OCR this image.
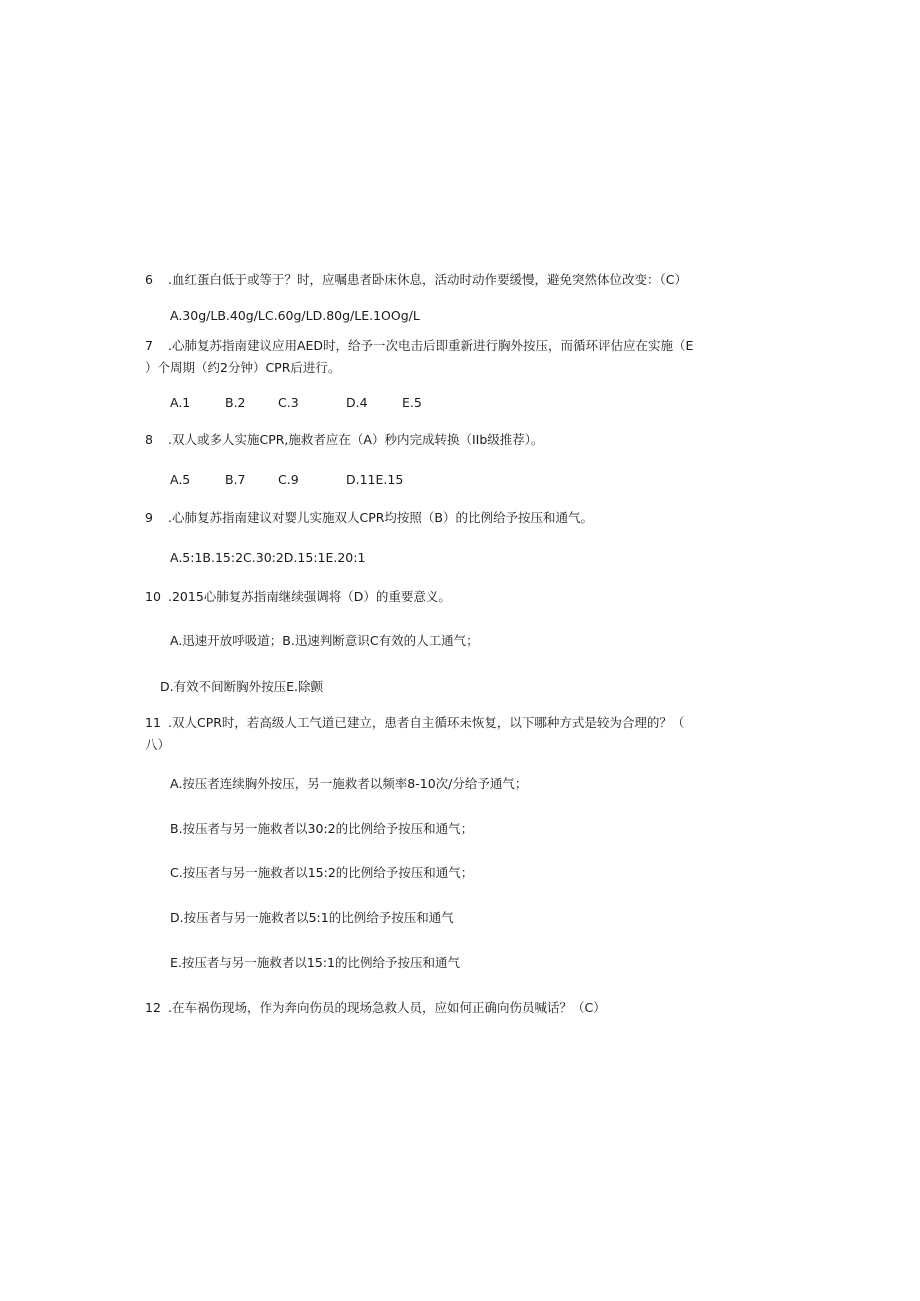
6 .血红蛋白低于或等于？时，应嘱患者卧床休息，活动时动作要缓慢，避免突然体位改变：（C）
A.30g∕LB.40g∕LC.60g∕LD.80g∕LE.1OOg∕L
7 .心肺复苏指南建议应用AED时，给予一次电击后即重新进行胸外按压，而循环评估应在实施（E
）个周期（约2分钟）CPR后进行。
A.1	B.2	C.3	D.4	E.5
8 .双人或多人实施CPR,施救者应在（A）秒内完成转换（IIb级推荐）。
A.5	B.7	C.9	D.11E.15
9 .心肺复苏指南建议对婴儿实施双人CPR均按照（B）的比例给予按压和通气。
A.5:1B.15:2C.30:2D.15:1E.20:1
10 .2015心肺复苏指南继续强调将（D）的重要意义。
A.迅速开放呼吸道；B.迅速判断意识C有效的人工通气；
D.有效不间断胸外按压E.除颤
11 .双人CPR时，若高级人工气道已建立，患者自主循环未恢复，以下哪种方式是较为合理的？（
八）
A.按压者连续胸外按压，另一施救者以频率8-10次/分给予通气；
B.按压者与另一施救者以30:2的比例给予按压和通气；
C.按压者与另一施救者以15:2的比例给予按压和通气；
D.按压者与另一施救者以5:1的比例给予按压和通气
E.按压者与另一施救者以15:1的比例给予按压和通气
12 .在车祸伤现场，作为奔向伤员的现场急救人员，应如何正确向伤员喊话？（C）
